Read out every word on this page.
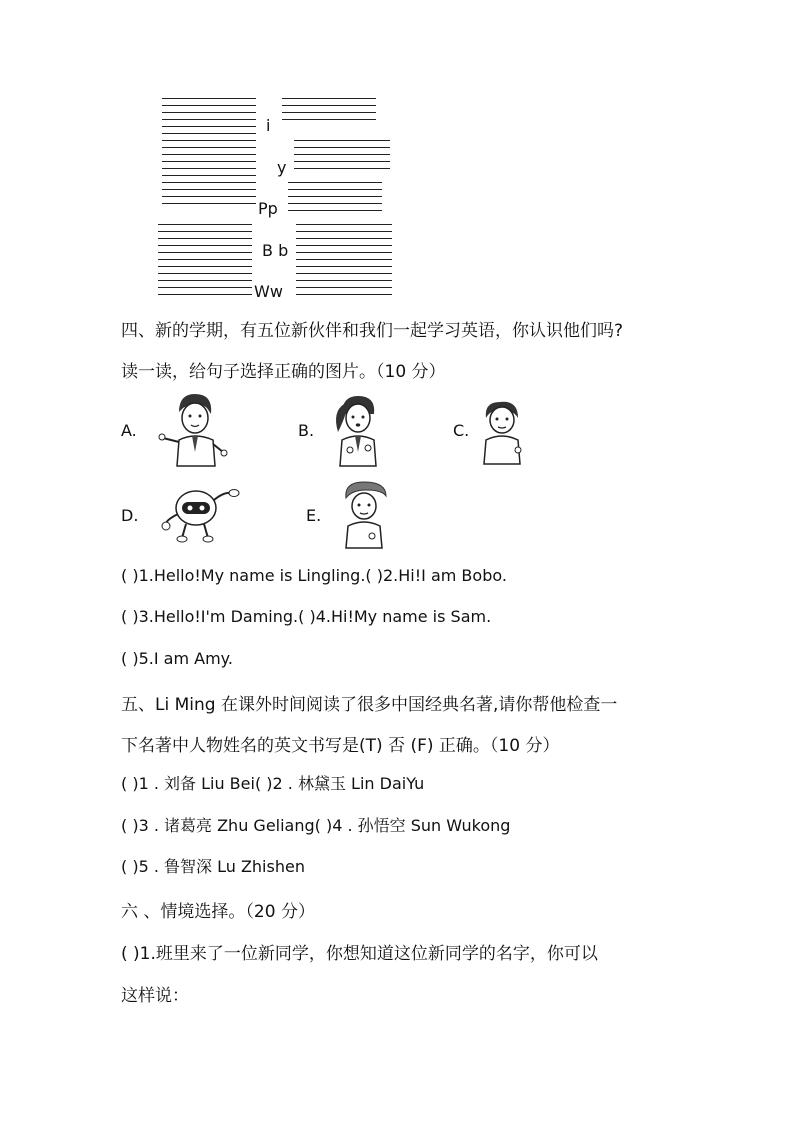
i
y
Pp
B b
Ww
四、新的学期，有五位新伙伴和我们一起学习英语，你认识他们吗?
读一读，给句子选择正确的图片。（10 分）
A.	B.	C.
D.	E.
( )1.Hello!My name is Lingling.( )2.Hi!I am Bobo.
( )3.Hello!I'm Daming.( )4.Hi!My name is Sam.
( )5.I am Amy.
五、Li Ming 在课外时间阅读了很多中国经典名著,请你帮他检查一
下名著中人物姓名的英文书写是(T) 否 (F) 正确。（10 分）
( )1 . 刘备 Liu Bei( )2 . 林黛玉 Lin DaiYu
( )3 . 诸葛亮 Zhu Geliang( )4 . 孙悟空 Sun Wukong
( )5 . 鲁智深 Lu Zhishen
六 、情境选择。（20 分）
( )1.班里来了一位新同学，你想知道这位新同学的名字，你可以
这样说：
